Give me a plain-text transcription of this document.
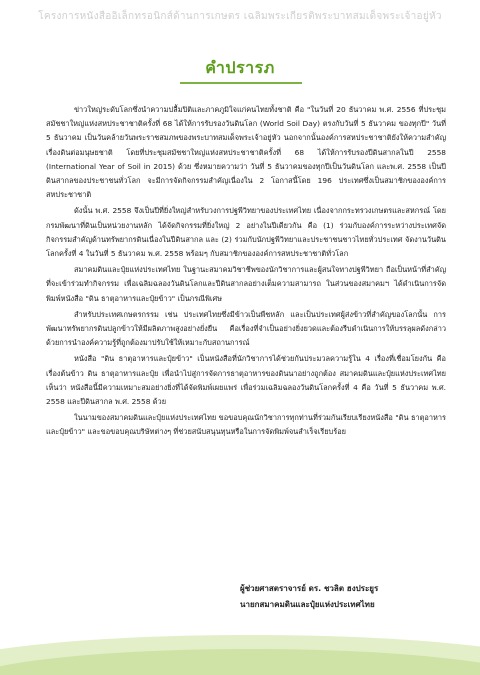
โครงการหนังสืออิเล็กทรอนิกส์ด้านการเกษตร เฉลิมพระเกียรติพระบาทสมเด็จพระเจ้าอยู่หัว
คำปรารภ

ข่าวใหญ่ระดับโลกซึ่งนำความปลื้มปิติและภาคภูมิใจแก่คนไทยทั้งชาติ คือ "ในวันที่ 20 ธันวาคม พ.ศ. 2556 ที่ประชุมสมัชชาใหญ่แห่งสหประชาชาติครั้งที่ 68 ได้ให้การรับรองวันดินโลก (World Soil Day) ตรงกับวันที่ 5 ธันวาคม ของทุกปี" วันที่ 5 ธันวาคม เป็นวันคล้ายวันพระราชสมภพของพระบาทสมเด็จพระเจ้าอยู่หัว นอกจากนั้นองค์การสหประชาชาติยังให้ความสำคัญเรื่องดินต่อมนุษยชาติ โดยที่ประชุมสมัชชาใหญ่แห่งสหประชาชาติครั้งที่ 68 ได้ให้การรับรองปีดินสากลในปี 2558 (International Year of Soil in 2015) ด้วย ซึ่งหมายความว่า วันที่ 5 ธันวาคมของทุกปีเป็นวันดินโลก และพ.ศ. 2558 เป็นปีดินสากลของประชาชนทั่วโลก จะมีการจัดกิจกรรมสำคัญเนื่องใน 2 โอกาสนี้โดย 196 ประเทศซึ่งเป็นสมาชิกขององค์การสหประชาชาติ

ดังนั้น พ.ศ. 2558 จึงเป็นปีที่ยิ่งใหญ่สำหรับวงการปฐพีวิทยาของประเทศไทย เนื่องจากกระทรวงเกษตรและสหกรณ์ โดยกรมพัฒนาที่ดินเป็นหน่วยงานหลัก ได้จัดกิจกรรมที่ยิ่งใหญ่ 2 อย่างในปีเดียวกัน คือ (1) ร่วมกับองค์การระหว่างประเทศจัดกิจกรรมสำคัญด้านทรัพยากรดินเนื่องในปีดินสากล และ (2) ร่วมกับนักปฐพีวิทยาและประชาชนชาวไทยทั่วประเทศ จัดงานวันดินโลกครั้งที่ 4 ในวันที่ 5 ธันวาคม พ.ศ. 2558 พร้อมๆ กับสมาชิกขององค์การสหประชาชาติทั่วโลก

สมาคมดินและปุ๋ยแห่งประเทศไทย ในฐานะสมาคมวิชาชีพของนักวิชาการและผู้สนใจทางปฐพีวิทยา ถือเป็นหน้าที่สำคัญที่จะเข้าร่วมทำกิจกรรม เพื่อเฉลิมฉลองวันดินโลกและปีดินสากลอย่างเต็มความสามารถ ในส่วนของสมาคมฯ ได้ดำเนินการจัดพิมพ์หนังสือ "ดิน ธาตุอาหารและปุ๋ยข้าว" เป็นกรณีพิเศษ

สำหรับประเทศเกษตรกรรม เช่น ประเทศไทยซึ่งมีข้าวเป็นพืชหลัก และเป็นประเทศผู้ส่งข้าวที่สำคัญของโลกนั้น การพัฒนาทรัพยากรดินปลูกข้าวให้มีผลิตภาพสูงอย่างยั่งยืน คือเรื่องที่จำเป็นอย่างยิ่งยวดและต้องรีบดำเนินการให้บรรลุผลดังกล่าว ด้วยการนำองค์ความรู้ที่ถูกต้องมาปรับใช้ให้เหมาะกับสถานการณ์

หนังสือ "ดิน ธาตุอาหารและปุ๋ยข้าว" เป็นหนังสือที่นักวิชาการได้ช่วยกันประมวลความรู้ใน 4 เรื่องที่เชื่อมโยงกัน คือ เรื่องต้นข้าว ดิน ธาตุอาหารและปุ๋ย เพื่อนำไปสู่การจัดการธาตุอาหารของดินนาอย่างถูกต้อง สมาคมดินและปุ๋ยแห่งประเทศไทยเห็นว่า หนังสือนี้มีความเหมาะสมอย่างยิ่งที่ได้จัดพิมพ์เผยแพร่ เพื่อร่วมเฉลิมฉลองวันดินโลกครั้งที่ 4 คือ วันที่ 5 ธันวาคม พ.ศ. 2558 และปีดินสากล พ.ศ. 2558 ด้วย

ในนามของสมาคมดินและปุ๋ยแห่งประเทศไทย ขอขอบคุณนักวิชาการทุกท่านที่ร่วมกันเรียบเรียงหนังสือ "ดิน ธาตุอาหารและปุ๋ยข้าว" และขอขอบคุณบริษัทต่างๆ ที่ช่วยสนับสนุนทุนหรือในการจัดพิมพ์จนสำเร็จเรียบร้อย

ผู้ช่วยศาสตราจารย์ ดร. ชวลิต ฮงประยูร
นายกสมาคมดินและปุ๋ยแห่งประเทศไทย
